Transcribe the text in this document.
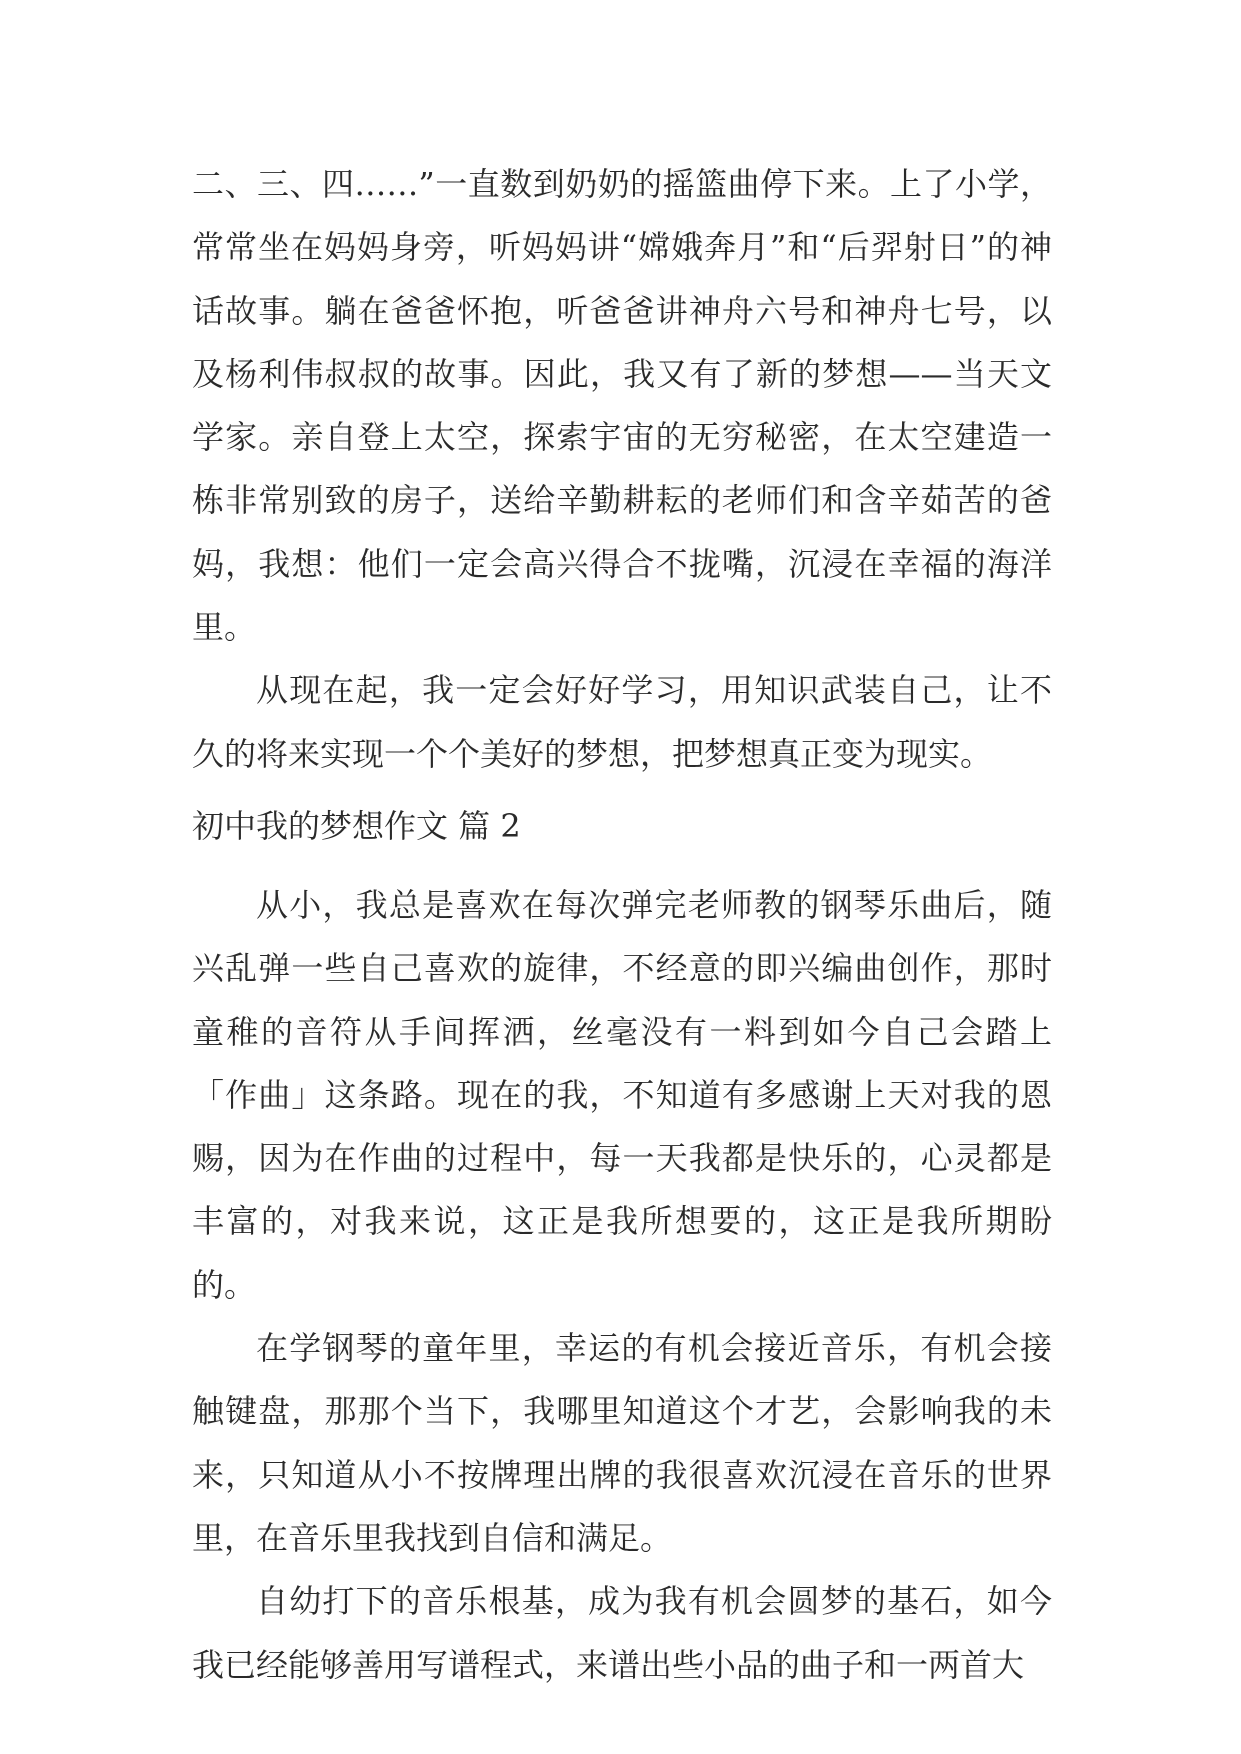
二、三、四……”一直数到奶奶的摇篮曲停下来。上了小学，常常坐在妈妈身旁，听妈妈讲“嫦娥奔月”和“后羿射日”的神话故事。躺在爸爸怀抱，听爸爸讲神舟六号和神舟七号，以及杨利伟叔叔的故事。因此，我又有了新的梦想——当天文学家。亲自登上太空，探索宇宙的无穷秘密，在太空建造一栋非常别致的房子，送给辛勤耕耘的老师们和含辛茹苦的爸妈，我想：他们一定会高兴得合不拢嘴，沉浸在幸福的海洋里。

从现在起，我一定会好好学习，用知识武装自己，让不久的将来实现一个个美好的梦想，把梦想真正变为现实。

初中我的梦想作文 篇 2

从小，我总是喜欢在每次弹完老师教的钢琴乐曲后，随兴乱弹一些自己喜欢的旋律，不经意的即兴编曲创作，那时童稚的音符从手间挥洒，丝毫没有一料到如今自己会踏上「作曲」这条路。现在的我，不知道有多感谢上天对我的恩赐，因为在作曲的过程中，每一天我都是快乐的，心灵都是丰富的，对我来说，这正是我所想要的，这正是我所期盼的。

在学钢琴的童年里，幸运的有机会接近音乐，有机会接触键盘，那那个当下，我哪里知道这个才艺，会影响我的未来，只知道从小不按牌理出牌的我很喜欢沉浸在音乐的世界里，在音乐里我找到自信和满足。

自幼打下的音乐根基，成为我有机会圆梦的基石，如今我已经能够善用写谱程式，来谱出些小品的曲子和一两首大
